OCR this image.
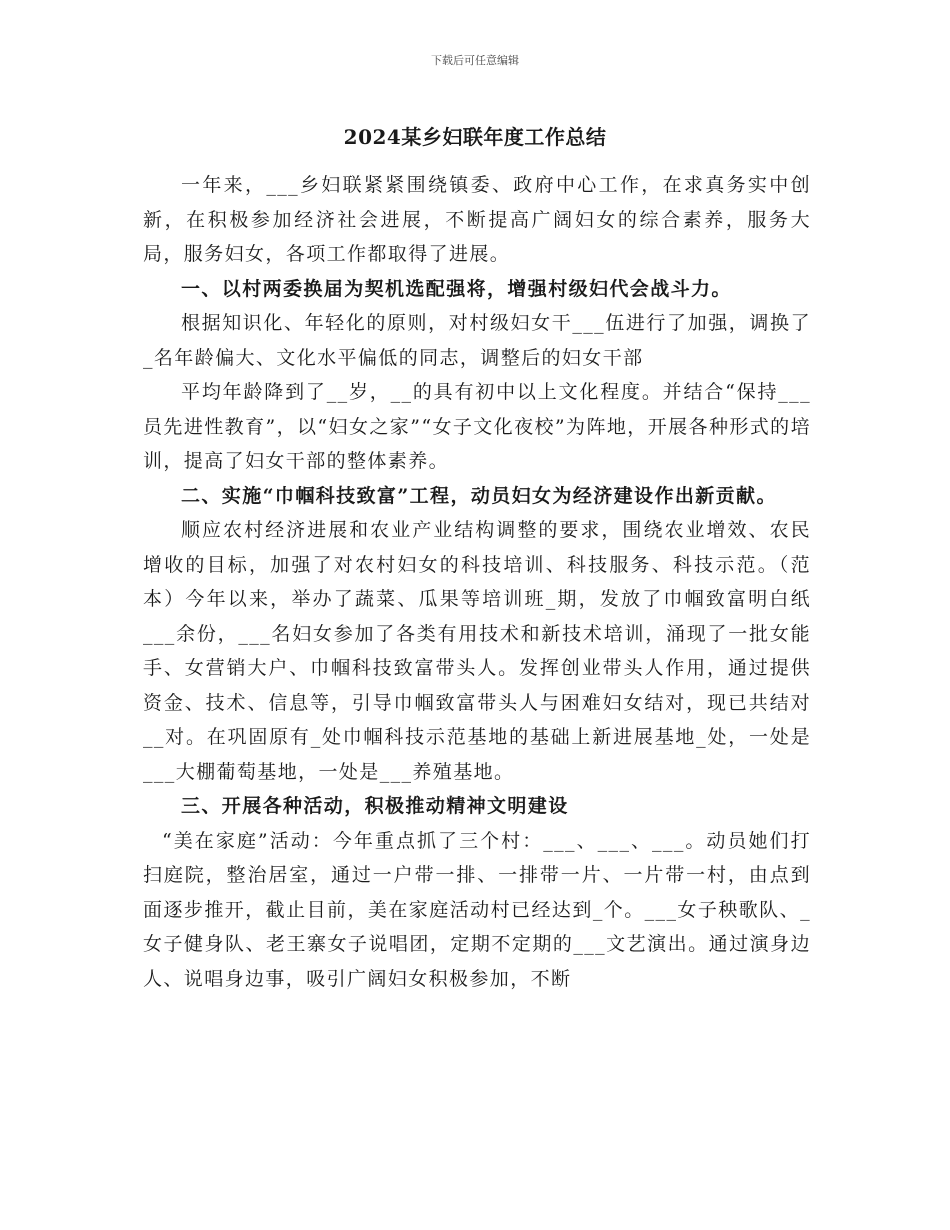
下载后可任意编辑
2024某乡妇联年度工作总结

一年来，___乡妇联紧紧围绕镇委、政府中心工作，在求真务实中创新，在积极参加经济社会进展，不断提高广阔妇女的综合素养，服务大局，服务妇女，各项工作都取得了进展。

一、以村两委换届为契机选配强将，增强村级妇代会战斗力。

根据知识化、年轻化的原则，对村级妇女干___伍进行了加强，调换了_名年龄偏大、文化水平偏低的同志，调整后的妇女干部

平均年龄降到了__岁，__的具有初中以上文化程度。并结合“保持___员先进性教育”，以“妇女之家”“女子文化夜校”为阵地，开展各种形式的培训，提高了妇女干部的整体素养。

二、实施“巾帼科技致富”工程，动员妇女为经济建设作出新贡献。

顺应农村经济进展和农业产业结构调整的要求，围绕农业增效、农民增收的目标，加强了对农村妇女的科技培训、科技服务、科技示范。（范本）今年以来，举办了蔬菜、瓜果等培训班_期，发放了巾帼致富明白纸___余份，___名妇女参加了各类有用技术和新技术培训，涌现了一批女能手、女营销大户、巾帼科技致富带头人。发挥创业带头人作用，通过提供资金、技术、信息等，引导巾帼致富带头人与困难妇女结对，现已共结对__对。在巩固原有_处巾帼科技示范基地的基础上新进展基地_处，一处是___大棚葡萄基地，一处是___养殖基地。

三、开展各种活动，积极推动精神文明建设

“美在家庭”活动：今年重点抓了三个村：___、___、___。动员她们打扫庭院，整治居室，通过一户带一排、一排带一片、一片带一村，由点到面逐步推开，截止目前，美在家庭活动村已经达到_个。___女子秧歌队、_女子健身队、老王寨女子说唱团，定期不定期的___文艺演出。通过演身边人、说唱身边事，吸引广阔妇女积极参加，不断
